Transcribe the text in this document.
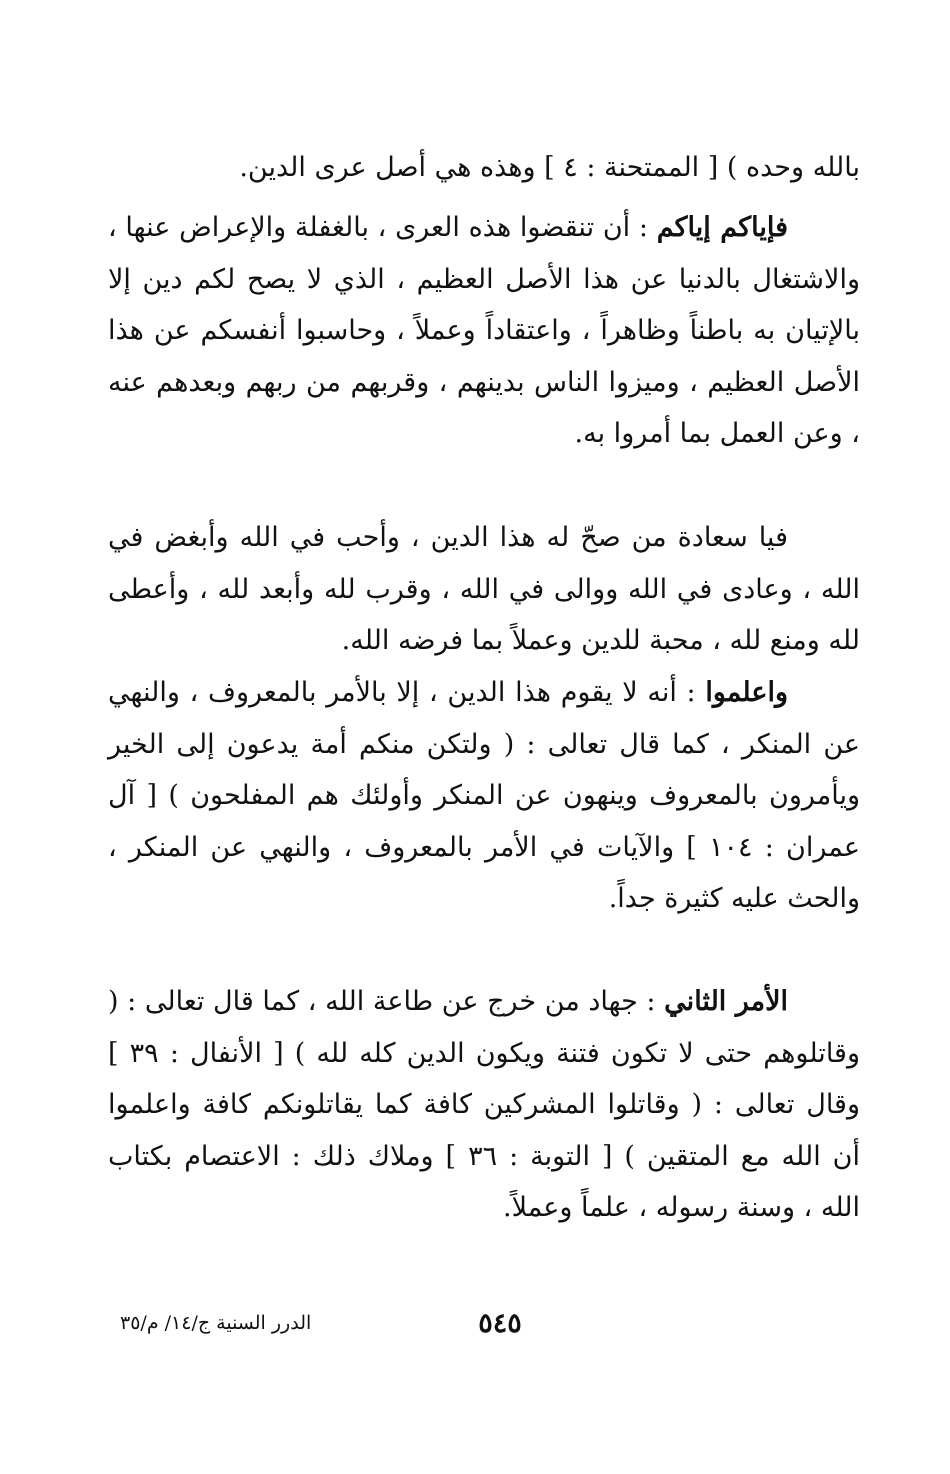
بالله وحده ) [ الممتحنة : ٤ ] وهذه هي أصل عرى الدين.

فإياكم إياكم : أن تنقضوا هذه العرى ، بالغفلة والإعراض عنها ، والاشتغال بالدنيا عن هذا الأصل العظيم ، الذي لا يصح لكم دين إلا بالإتيان به باطناً وظاهراً ، واعتقاداً وعملاً ، وحاسبوا أنفسكم عن هذا الأصل العظيم ، وميزوا الناس بدينهم ، وقربهم من ربهم وبعدهم عنه ، وعن العمل بما أمروا به.

فيا سعادة من صحّ له هذا الدين ، وأحب في الله وأبغض في الله ، وعادى في الله ووالى في الله ، وقرب لله وأبعد لله ، وأعطى لله ومنع لله ، محبة للدين وعملاً بما فرضه الله.

واعلموا : أنه لا يقوم هذا الدين ، إلا بالأمر بالمعروف ، والنهي عن المنكر ، كما قال تعالى : ( ولتكن منكم أمة يدعون إلى الخير ويأمرون بالمعروف وينهون عن المنكر وأولئك هم المفلحون ) [ آل عمران : ١٠٤ ] والآيات في الأمر بالمعروف ، والنهي عن المنكر ، والحث عليه كثيرة جداً.

الأمر الثاني : جهاد من خرج عن طاعة الله ، كما قال تعالى : ( وقاتلوهم حتى لا تكون فتنة ويكون الدين كله لله ) [ الأنفال : ٣٩ ] وقال تعالى : ( وقاتلوا المشركين كافة كما يقاتلونكم كافة واعلموا أن الله مع المتقين ) [ التوبة : ٣٦ ] وملاك ذلك : الاعتصام بكتاب الله ، وسنة رسوله ، علماً وعملاً.

٥٤٥
الدرر السنية ج/١٤/ م/٣٥
